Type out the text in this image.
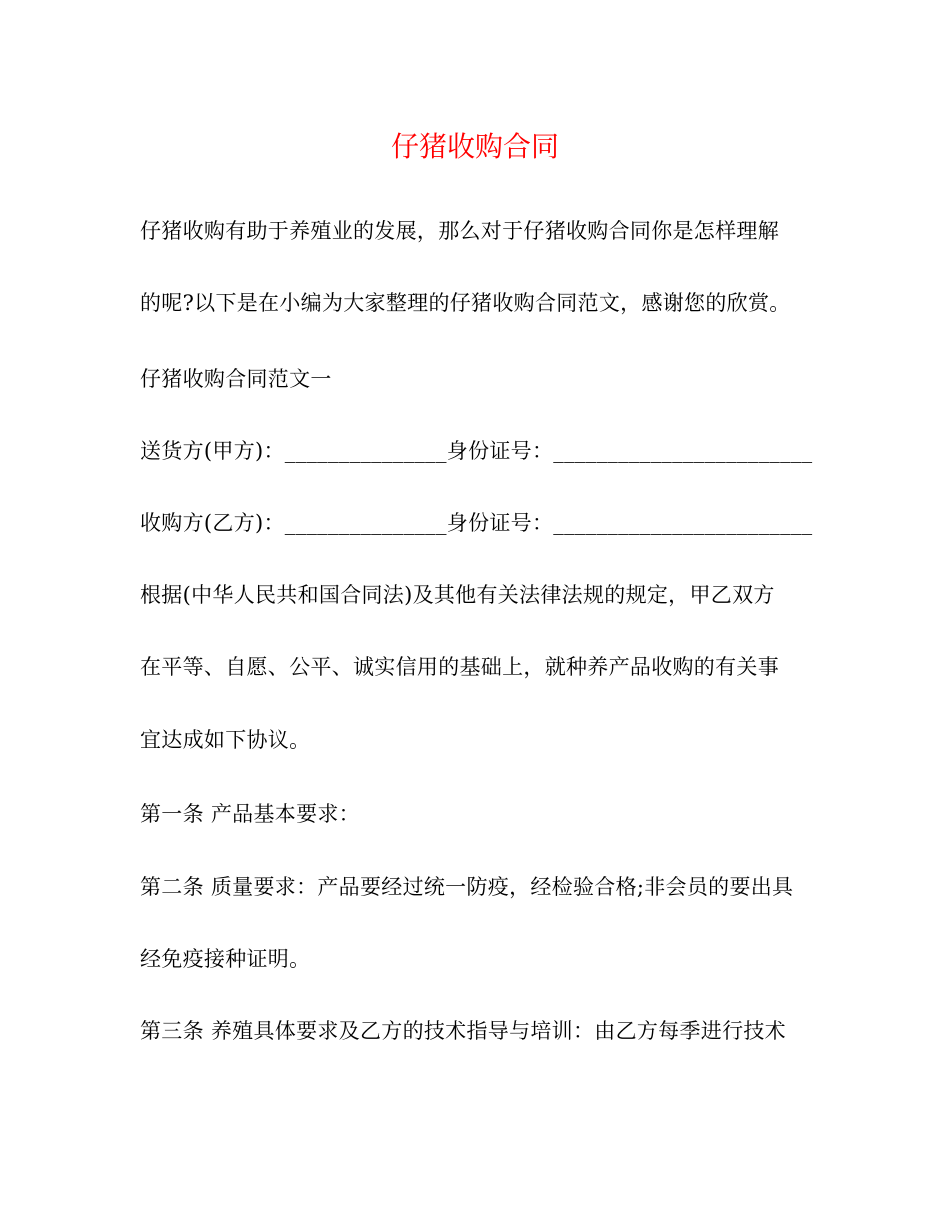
仔猪收购合同
仔猪收购有助于养殖业的发展，那么对于仔猪收购合同你是怎样理解
的呢?以下是在小编为大家整理的仔猪收购合同范文，感谢您的欣赏。
仔猪收购合同范文一
送货方(甲方)：_______________身份证号：________________________
收购方(乙方)：_______________身份证号：________________________
根据(中华人民共和国合同法)及其他有关法律法规的规定，甲乙双方
在平等、自愿、公平、诚实信用的基础上，就种养产品收购的有关事
宜达成如下协议。
第一条 产品基本要求：
第二条 质量要求：产品要经过统一防疫，经检验合格;非会员的要出具
经免疫接种证明。
第三条 养殖具体要求及乙方的技术指导与培训：由乙方每季进行技术
